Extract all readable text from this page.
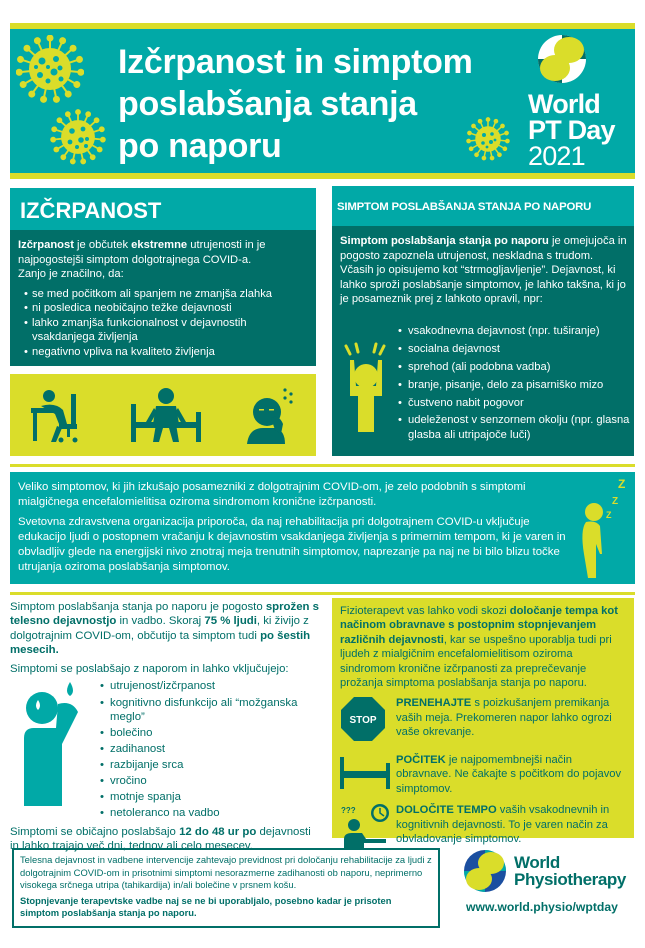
Izčrpanost in simptom
poslabšanja stanja
po naporu
World
PT Day
2021
IZČRPANOST
Izčrpanost je občutek ekstremne utrujenosti in je najpogostejši simptom dolgotrajnega COVID-a.
Zanjo je značilno, da:
• se med počitkom ali spanjem ne zmanjša zlahka
• ni posledica neobičajno težke dejavnosti
• lahko zmanjša funkcionalnost v dejavnostih vsakdanjega življenja
• negativno vpliva na kvaliteto življenja
SIMPTOM POSLABŠANJA STANJA PO NAPORU
Simptom poslabšanja stanja po naporu je omejujoča in pogosto zapoznela utrujenost, neskladna s trudom. Včasih jo opisujemo kot “strmogljavljenje”. Dejavnost, ki lahko sproži poslabšanje simptomov, je lahko takšna, ki jo je posameznik prej z lahkoto opravil, npr:
• vsakodnevna dejavnost (npr. tuširanje)
• socialna dejavnost
• sprehod (ali podobna vadba)
• branje, pisanje, delo za pisarniško mizo
• čustveno nabit pogovor
• udeleženost v senzornem okolju (npr. glasna glasba ali utripajoče luči)

Veliko simptomov, ki jih izkušajo posamezniki z dolgotrajnim COVID-om, je zelo podobnih s simptomi mialgičnega encefalomielitisa oziroma sindromom kronične izčrpanosti.

Svetovna zdravstvena organizacija priporoča, da naj rehabilitacija pri dolgotrajnem COVID-u vključuje edukacijo ljudi o postopnem vračanju k dejavnostim vsakdanjega življenja s primernim tempom, ki je varen in obvladljiv glede na energijski nivo znotraj meja trenutnih simptomov, naprezanje pa naj ne bi bilo blizu točke utrujanja oziroma poslabšanja simptomov.

Z
Z
Z
Simptom poslabšanja stanja po naporu je pogosto sprožen s telesno dejavnostjo in vadbo. Skoraj 75 % ljudi, ki živijo z dolgotrajnim COVID-om, občutijo ta simptom tudi po šestih mesecih.
Simptomi se poslabšajo z naporom in lahko vključujejo:
• utrujenost/izčrpanost
• kognitivno disfunkcijo ali “možganska meglo”
• bolečino
• zadihanost
• razbijanje srca
• vročino
• motnje spanja
• netoleranco na vadbo
Simptomi se običajno poslabšajo 12 do 48 ur po dejavnosti in lahko trajajo več dni, tednov ali celo mesecev.
Fizioterapevt vas lahko vodi skozi določanje tempa kot načinom obravnave s postopnim stopnjevanjem različnih dejavnosti, kar se uspešno uporablja tudi pri ljudeh z mialgičnim encefalomielitisom oziroma sindromom kronične izčrpanosti za preprečevanje prožanja simptoma poslabšanja stanja po naporu.
STOP
PRENEHAJTE s poizkušanjem premikanja vaših meja. Prekomeren napor lahko ogrozi vaše okrevanje.
POČITEK je najpomembnejši način obravnave. Ne čakajte s počitkom do pojavov simptomov.
???	DOLOČITE TEMPO vaših vsakodnevnih in kognitivnih dejavnosti. To je varen način za obvladovanje simptomov.

Telesna dejavnost in vadbene intervencije zahtevajo previdnost pri določanju rehabilitacije za ljudi z dolgotrajnim COVID-om in prisotnimi simptomi nesorazmerne zadihanosti ob naporu, neprimerno visokega srčnega utripa (tahikardija) in/ali bolečine v prsnem košu.

Stopnjevanje terapevtske vadbe naj se ne bi uporabljalo, posebno kadar je prisoten simptom poslabšanja stanja po naporu.

World
Physiotherapy
www.world.physio/wptday
